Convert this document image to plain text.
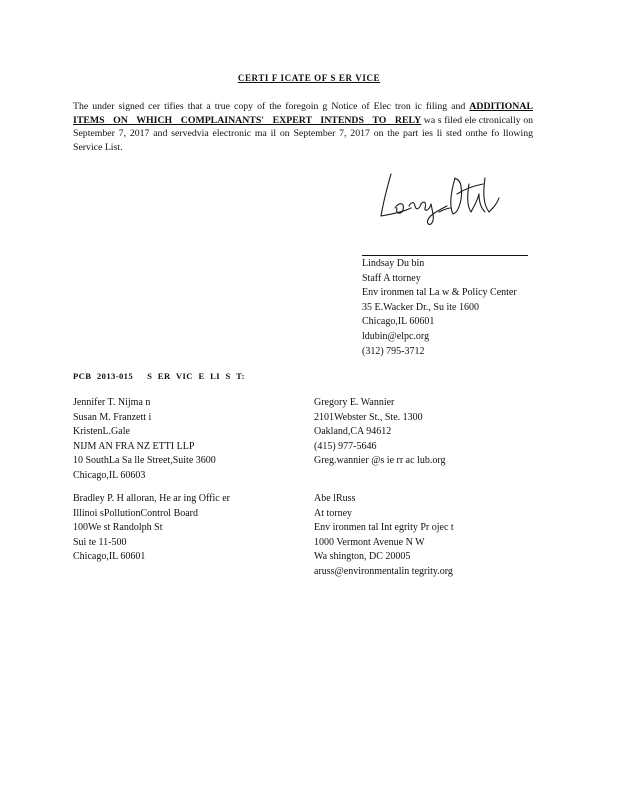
CERTI F ICATE OF S ER VICE

The under signed cer tifies that a true copy of the foregoin g Notice of Elec tron ic filing and ADDITIONAL ITEMS ON WHICH COMPLAINANTS' EXPERT INTENDS TO RELY wa s filed ele ctronically on September 7, 2017 and servedvia electronic ma il on September 7, 2017 on the part ies li sted onthe fo llowing Service List.

Lindsay Du bin
Staff A ttorney
Env ironmen tal La w & Policy Center
35 E.Wacker Dr., Su ite 1600
Chicago,IL 60601
ldubin@elpc.org
(312) 795-3712
PCB 2013-015 S ER VIC E LI S T:
Jennifer T. Nijma n
Susan M. Franzett i
KristenL.Gale
NIJM AN FRA NZ ETTI LLP
10 SouthLa Sa lle Street,Suite 3600
Chicago,IL 60603
Gregory E. Wannier
2101Webster St., Ste. 1300
Oakland,CA 94612
(415) 977-5646
Greg.wannier @s ie rr ac lub.org
Bradley P. H alloran, He ar ing Offic er
Illinoi sPollutionControl Board
100We st Randolph St
Sui te 11-500
Chicago,IL 60601
Abe lRuss
At torney
Env ironmen tal Int egrity Pr ojec t
1000 Vermont Avenue N W
Wa shington, DC 20005
aruss@environmentalin tegrity.org
